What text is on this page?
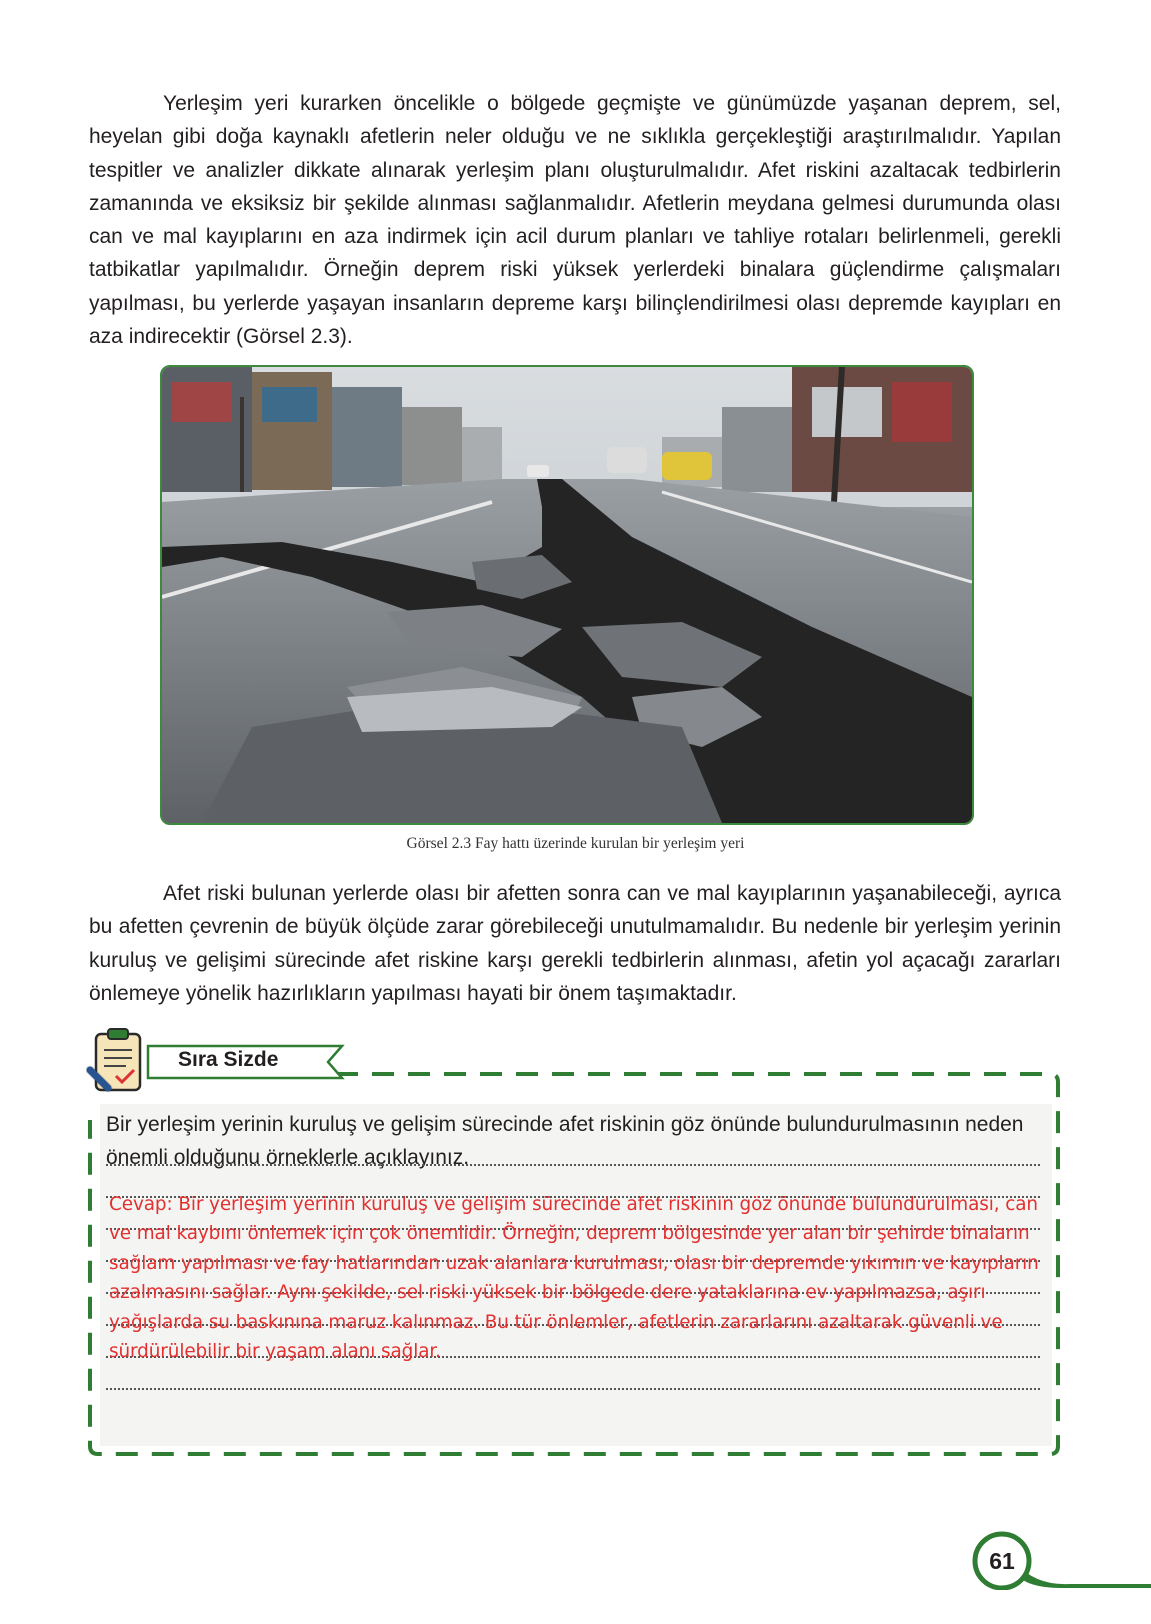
Yerleşim yeri kurarken öncelikle o bölgede geçmişte ve günümüzde yaşanan deprem, sel, heyelan gibi doğa kaynaklı afetlerin neler olduğu ve ne sıklıkla gerçekleştiği araştırılmalıdır. Yapılan tespitler ve analizler dikkate alınarak yerleşim planı oluşturulmalıdır. Afet riskini azaltacak tedbirlerin zamanında ve eksiksiz bir şekilde alınması sağlanmalıdır. Afetlerin meydana gelmesi durumunda olası can ve mal kayıplarını en aza indirmek için acil durum planları ve tahliye rotaları belirlenmeli, gerekli tatbikatlar yapılmalıdır. Örneğin deprem riski yüksek yerlerdeki binalara güçlendirme çalışmaları yapılması, bu yerlerde yaşayan insanların depreme karşı bilinçlendirilmesi olası depremde kayıpları en aza indirecektir (Görsel 2.3).

Görsel 2.3 Fay hattı üzerinde kurulan bir yerleşim yeri

Afet riski bulunan yerlerde olası bir afetten sonra can ve mal kayıplarının yaşanabileceği, ayrıca bu afetten çevrenin de büyük ölçüde zarar görebileceği unutulmamalıdır. Bu nedenle bir yerleşim yerinin kuruluş ve gelişimi sürecinde afet riskine karşı gerekli tedbirlerin alınması, afetin yol açacağı zararları önlemeye yönelik hazırlıkların yapılması hayati bir önem taşımaktadır.

Sıra Sizde

Bir yerleşim yerinin kuruluş ve gelişim sürecinde afet riskinin göz önünde bulundurulmasının neden önemli olduğunu örneklerle açıklayınız.

Cevap: Bir yerleşim yerinin kuruluş ve gelişim sürecinde afet riskinin göz önünde bulundurulması, can ve mal kaybını önlemek için çok önemlidir. Örneğin, deprem bölgesinde yer alan bir şehirde binaların sağlam yapılması ve fay hatlarından uzak alanlara kurulması, olası bir depremde yıkımın ve kayıpların azalmasını sağlar. Aynı şekilde, sel riski yüksek bir bölgede dere yataklarına ev yapılmazsa, aşırı yağışlarda su baskınına maruz kalınmaz. Bu tür önlemler, afetlerin zararlarını azaltarak güvenli ve sürdürülebilir bir yaşam alanı sağlar.

61
